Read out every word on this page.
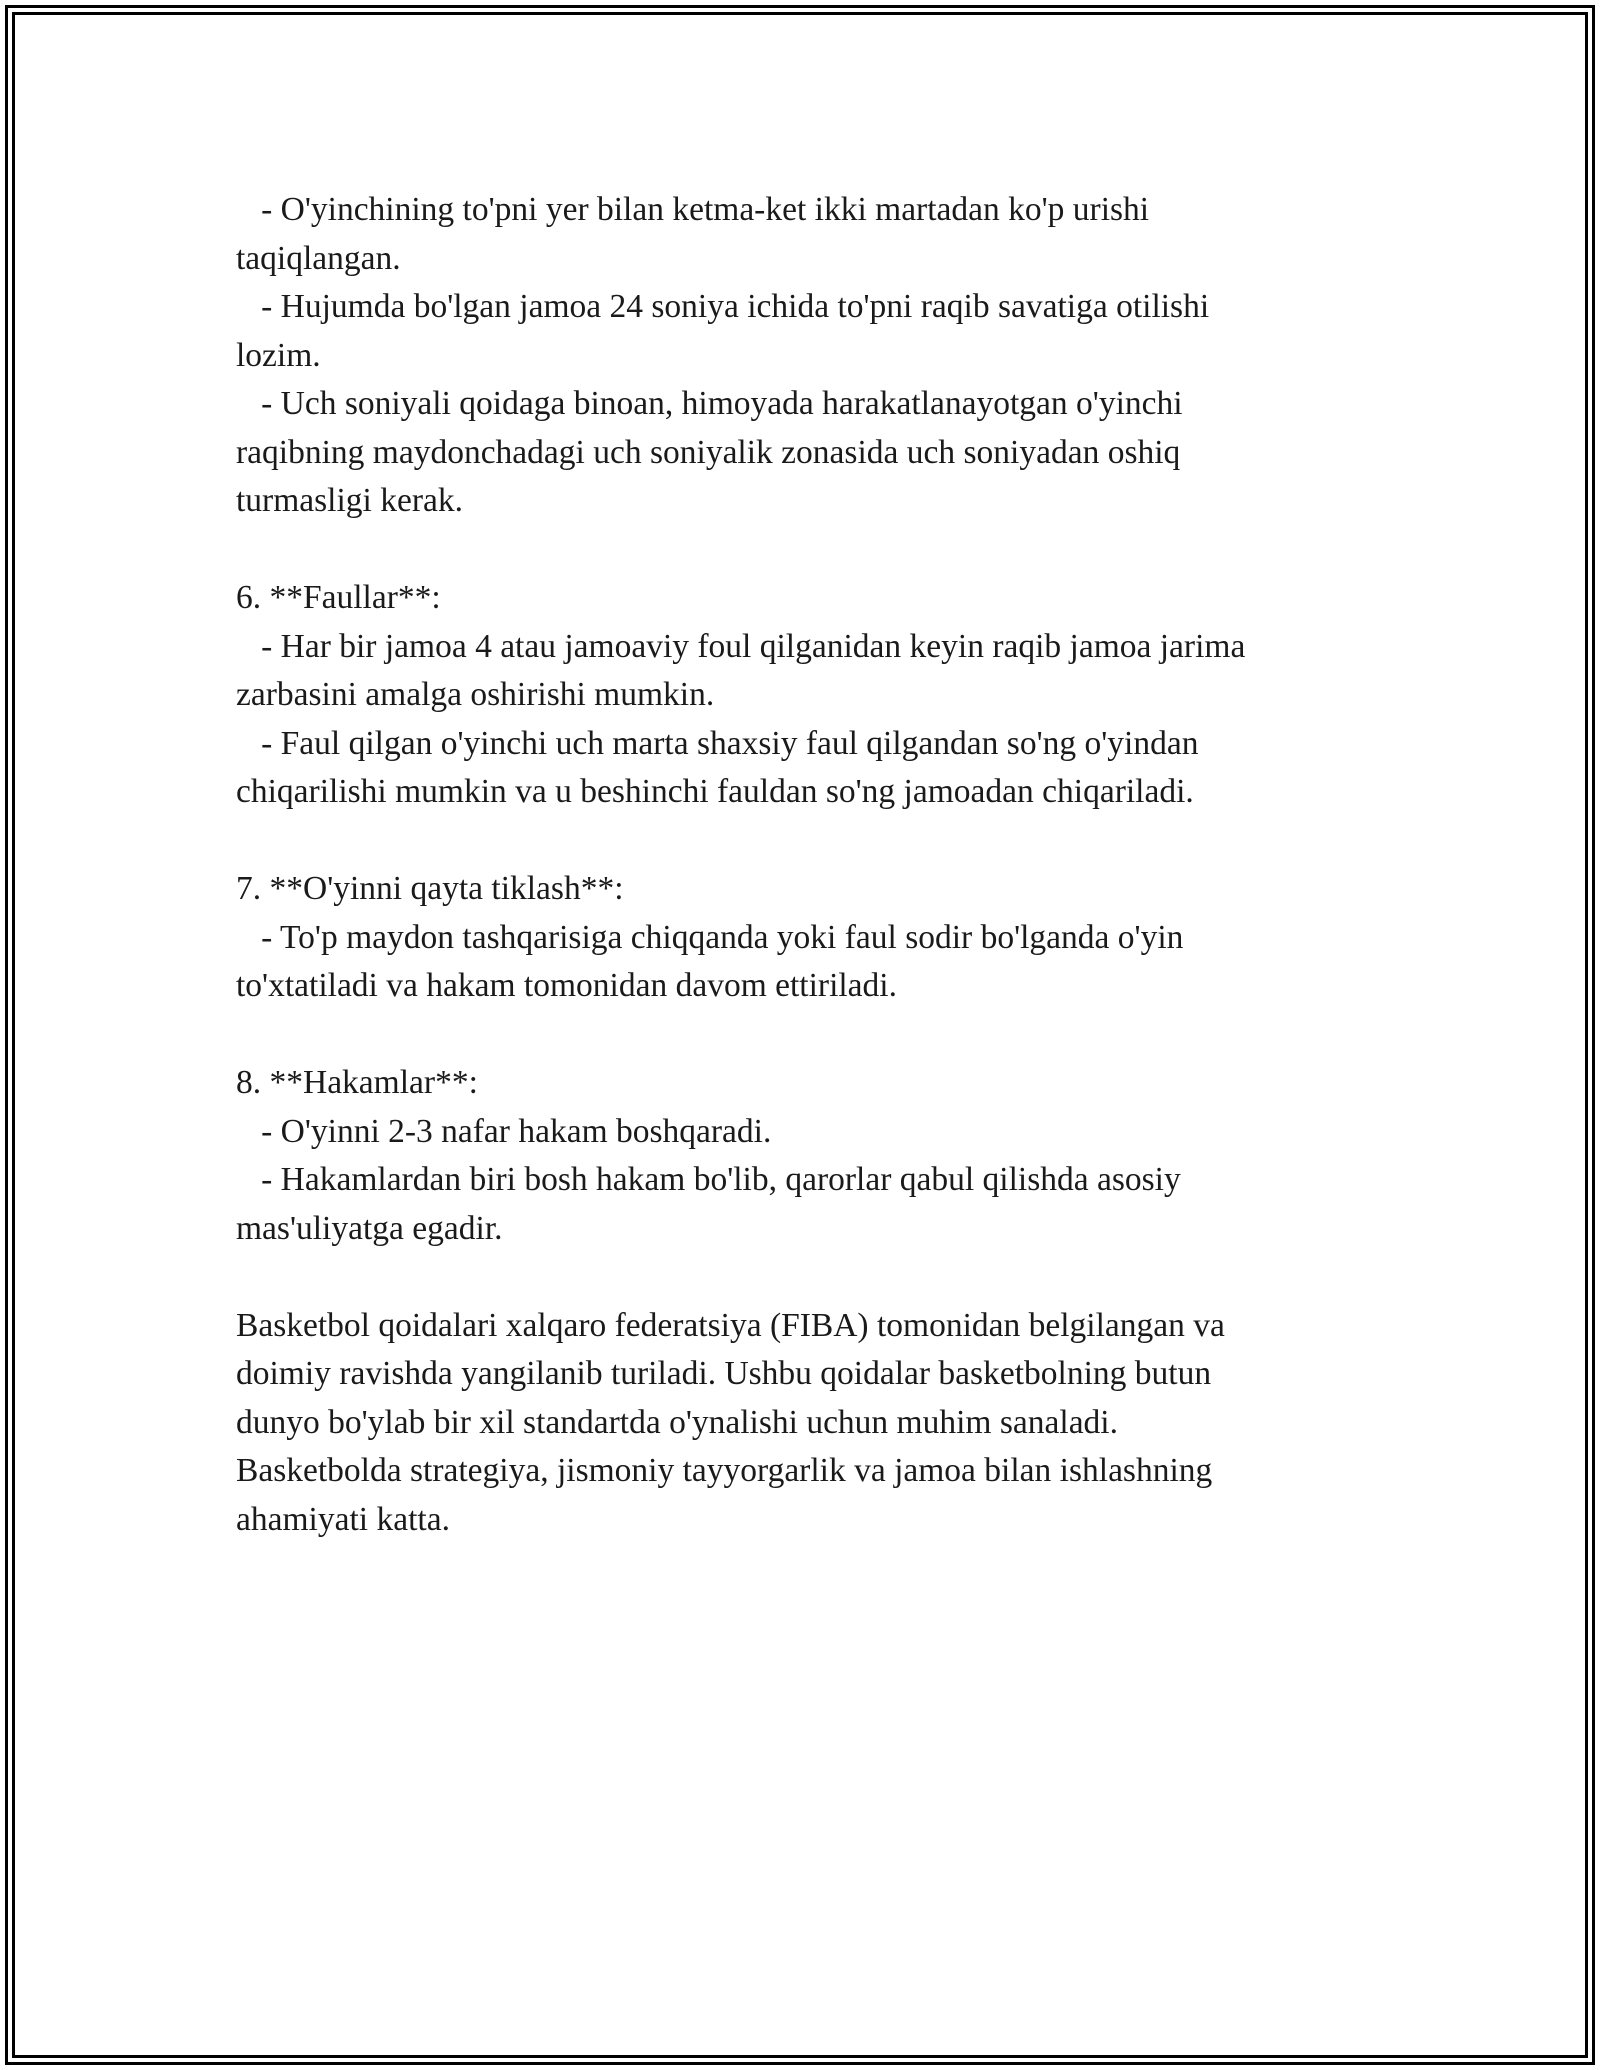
- O'yinchining to'pni yer bilan ketma-ket ikki martadan ko'p urishi
taqiqlangan.
- Hujumda bo'lgan jamoa 24 soniya ichida to'pni raqib savatiga otilishi
lozim.
- Uch soniyali qoidaga binoan, himoyada harakatlanayotgan o'yinchi
raqibning maydonchadagi uch soniyalik zonasida uch soniyadan oshiq
turmasligi kerak.
6. **Faullar**:
- Har bir jamoa 4 atau jamoaviy foul qilganidan keyin raqib jamoa jarima
zarbasini amalga oshirishi mumkin.
- Faul qilgan o'yinchi uch marta shaxsiy faul qilgandan so'ng o'yindan
chiqarilishi mumkin va u beshinchi fauldan so'ng jamoadan chiqariladi.
7. **O'yinni qayta tiklash**:
- To'p maydon tashqarisiga chiqqanda yoki faul sodir bo'lganda o'yin
to'xtatiladi va hakam tomonidan davom ettiriladi.
8. **Hakamlar**:
- O'yinni 2-3 nafar hakam boshqaradi.
- Hakamlardan biri bosh hakam bo'lib, qarorlar qabul qilishda asosiy
mas'uliyatga egadir.
Basketbol qoidalari xalqaro federatsiya (FIBA) tomonidan belgilangan va
doimiy ravishda yangilanib turiladi. Ushbu qoidalar basketbolning butun
dunyo bo'ylab bir xil standartda o'ynalishi uchun muhim sanaladi.
Basketbolda strategiya, jismoniy tayyorgarlik va jamoa bilan ishlashning
ahamiyati katta.
